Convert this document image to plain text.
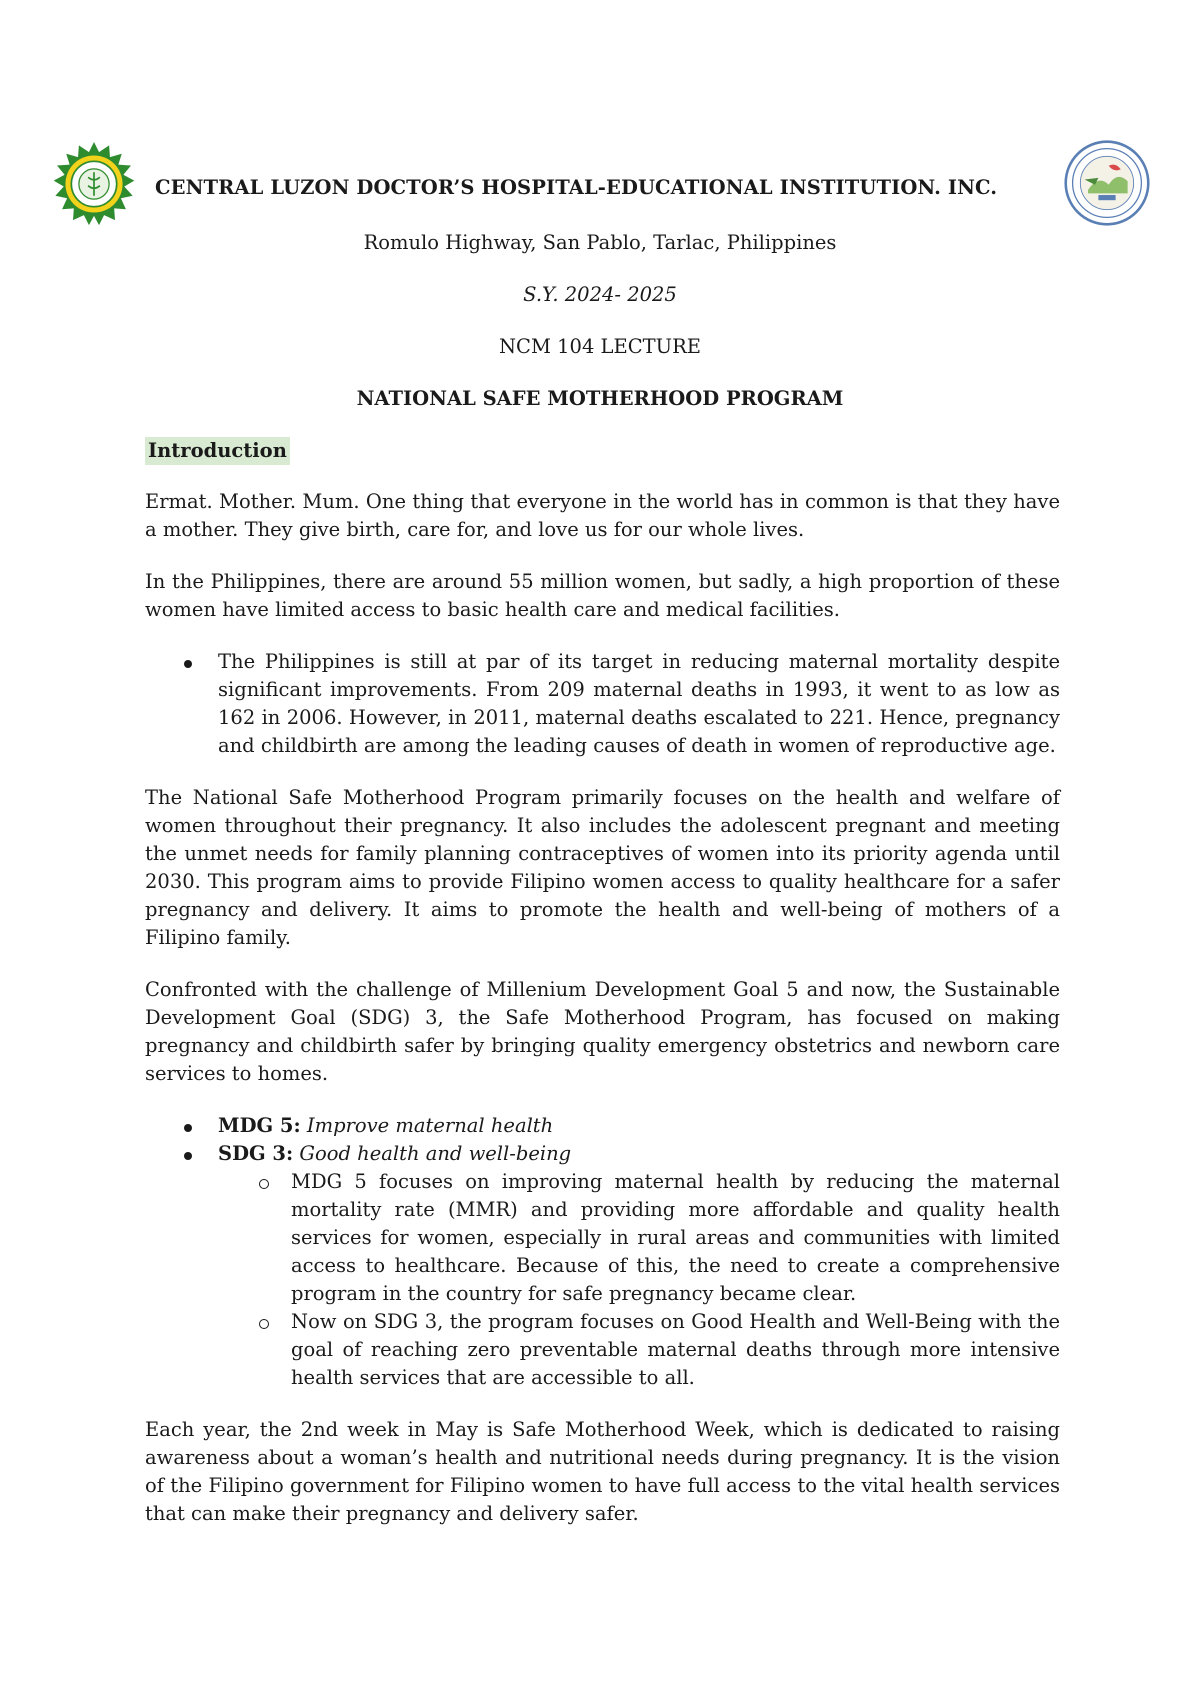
CENTRAL LUZON DOCTOR’S HOSPITAL-EDUCATIONAL INSTITUTION. INC.
Romulo Highway, San Pablo, Tarlac, Philippines
S.Y. 2024- 2025
NCM 104 LECTURE
NATIONAL SAFE MOTHERHOOD PROGRAM
Introduction

Ermat. Mother. Mum. One thing that everyone in the world has in common is that they have a mother. They give birth, care for, and love us for our whole lives.

In the Philippines, there are around 55 million women, but sadly, a high proportion of these women have limited access to basic health care and medical facilities.

The Philippines is still at par of its target in reducing maternal mortality despite significant improvements. From 209 maternal deaths in 1993, it went to as low as 162 in 2006. However, in 2011, maternal deaths escalated to 221. Hence, pregnancy and childbirth are among the leading causes of death in women of reproductive age.

The National Safe Motherhood Program primarily focuses on the health and welfare of women throughout their pregnancy. It also includes the adolescent pregnant and meeting the unmet needs for family planning contraceptives of women into its priority agenda until 2030. This program aims to provide Filipino women access to quality healthcare for a safer pregnancy and delivery. It aims to promote the health and well-being of mothers of a Filipino family.

Confronted with the challenge of Millenium Development Goal 5 and now, the Sustainable Development Goal (SDG) 3, the Safe Motherhood Program, has focused on making pregnancy and childbirth safer by bringing quality emergency obstetrics and newborn care services to homes.

MDG 5: Improve maternal health
SDG 3: Good health and well-being
MDG 5 focuses on improving maternal health by reducing the maternal mortality rate (MMR) and providing more affordable and quality health services for women, especially in rural areas and communities with limited access to healthcare. Because of this, the need to create a comprehensive program in the country for safe pregnancy became clear.
Now on SDG 3, the program focuses on Good Health and Well-Being with the goal of reaching zero preventable maternal deaths through more intensive health services that are accessible to all.

Each year, the 2nd week in May is Safe Motherhood Week, which is dedicated to raising awareness about a woman’s health and nutritional needs during pregnancy. It is the vision of the Filipino government for Filipino women to have full access to the vital health services that can make their pregnancy and delivery safer.
